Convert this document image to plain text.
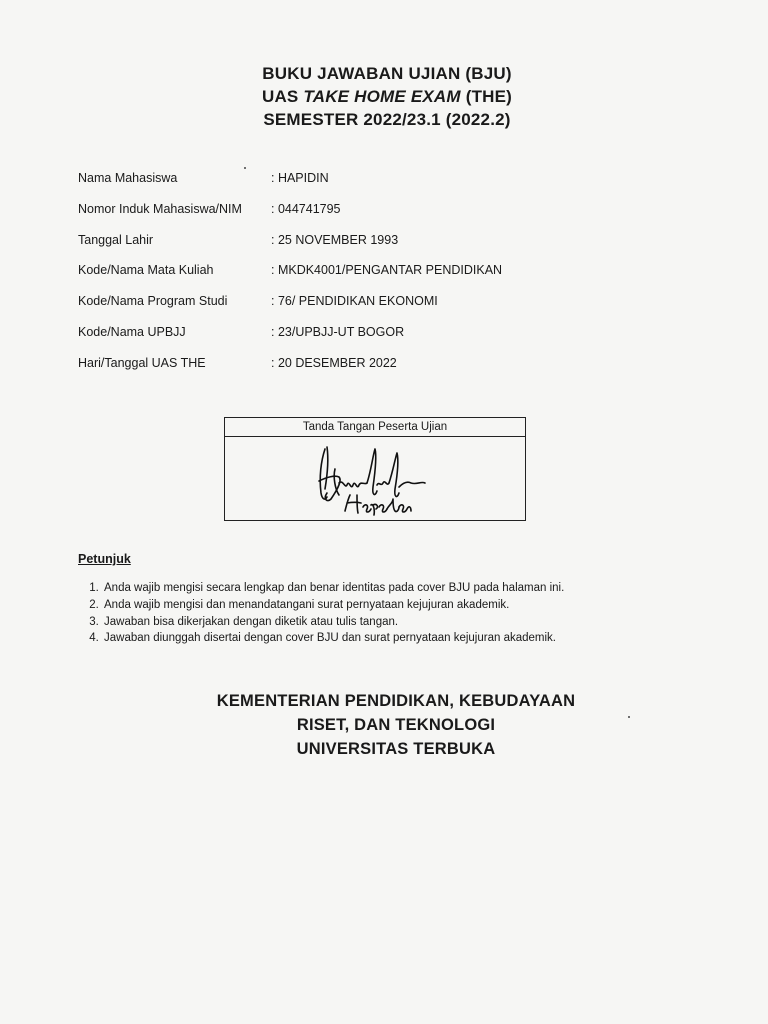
BUKU JAWABAN UJIAN (BJU)
UAS TAKE HOME EXAM (THE)
SEMESTER 2022/23.1 (2022.2)
Nama Mahasiswa	: HAPIDIN
Nomor Induk Mahasiswa/NIM : 044741795
Tanggal Lahir	: 25 NOVEMBER 1993
Kode/Nama Mata Kuliah	: MKDK4001/PENGANTAR PENDIDIKAN
Kode/Nama Program Studi	: 76/ PENDIDIKAN EKONOMI
Kode/Nama UPBJJ	: 23/UPBJJ-UT BOGOR
Hari/Tanggal UAS THE	: 20 DESEMBER 2022
Tanda Tangan Peserta Ujian
Petunjuk
1. Anda wajib mengisi secara lengkap dan benar identitas pada cover BJU pada halaman ini.
2. Anda wajib mengisi dan menandatangani surat pernyataan kejujuran akademik.
3. Jawaban bisa dikerjakan dengan diketik atau tulis tangan.
4. Jawaban diunggah disertai dengan cover BJU dan surat pernyataan kejujuran akademik.
KEMENTERIAN PENDIDIKAN, KEBUDAYAAN
RISET, DAN TEKNOLOGI
UNIVERSITAS TERBUKA
